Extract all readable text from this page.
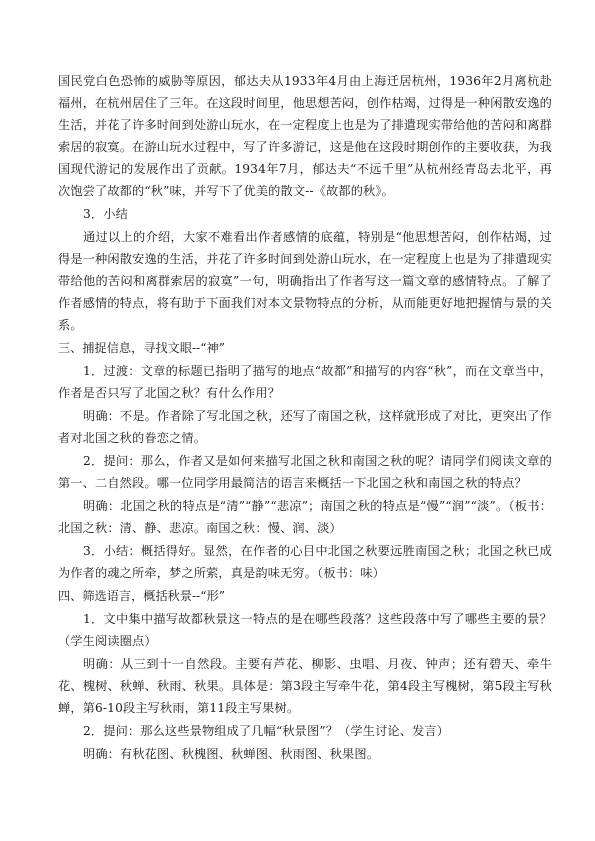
国民党白色恐怖的威胁等原因，郁达夫从1933年4月由上海迁居杭州，1936年2月离杭赴福州，在杭州居住了三年。在这段时间里，他思想苦闷，创作枯竭，过得是一种闲散安逸的生活，并花了许多时间到处游山玩水，在一定程度上也是为了排遣现实带给他的苦闷和离群索居的寂寞。在游山玩水过程中，写了许多游记，这是他在这段时期创作的主要收获，为我国现代游记的发展作出了贡献。1934年7月，郁达夫“不远千里”从杭州经青岛去北平，再次饱尝了故都的“秋”味，并写下了优美的散文--《故都的秋》。

3．小结

通过以上的介绍，大家不难看出作者感情的底蕴，特别是“他思想苦闷，创作枯竭，过得是一种闲散安逸的生活，并花了许多时间到处游山玩水，在一定程度上也是为了排遣现实带给他的苦闷和离群索居的寂寞”一句，明确指出了作者写这一篇文章的感情特点。了解了作者感情的特点，将有助于下面我们对本文景物特点的分析，从而能更好地把握情与景的关系。

三、捕捉信息，寻找文眼--“神”

1．过渡：文章的标题已指明了描写的地点“故都”和描写的内容“秋”，而在文章当中，作者是否只写了北国之秋？有什么作用？

明确：不是。作者除了写北国之秋，还写了南国之秋，这样就形成了对比，更突出了作者对北国之秋的眷恋之情。

2．提问：那么，作者又是如何来描写北国之秋和南国之秋的呢？请同学们阅读文章的第一、二自然段。哪一位同学用最简洁的语言来概括一下北国之秋和南国之秋的特点？

明确：北国之秋的特点是“清”“静”“悲凉”；南国之秋的特点是“慢”“润”“淡”。（板书：北国之秋：清、静、悲凉。南国之秋：慢、润、淡）

3．小结：概括得好。显然，在作者的心目中北国之秋要远胜南国之秋；北国之秋已成为作者的魂之所牵，梦之所萦，真是韵味无穷。（板书：味）

四、筛选语言，概括秋景--“形”

1．文中集中描写故都秋景这一特点的是在哪些段落？这些段落中写了哪些主要的景？（学生阅读圈点）

明确：从三到十一自然段。主要有芦花、柳影、虫唱、月夜、钟声；还有碧天、牵牛花、槐树、秋蝉、秋雨、秋果。具体是：第3段主写牵牛花，第4段主写槐树，第5段主写秋蝉，第6-10段主写秋雨，第11段主写果树。

2．提问：那么这些景物组成了几幅“秋景图”？（学生讨论、发言）

明确：有秋花图、秋槐图、秋蝉图、秋雨图、秋果图。
